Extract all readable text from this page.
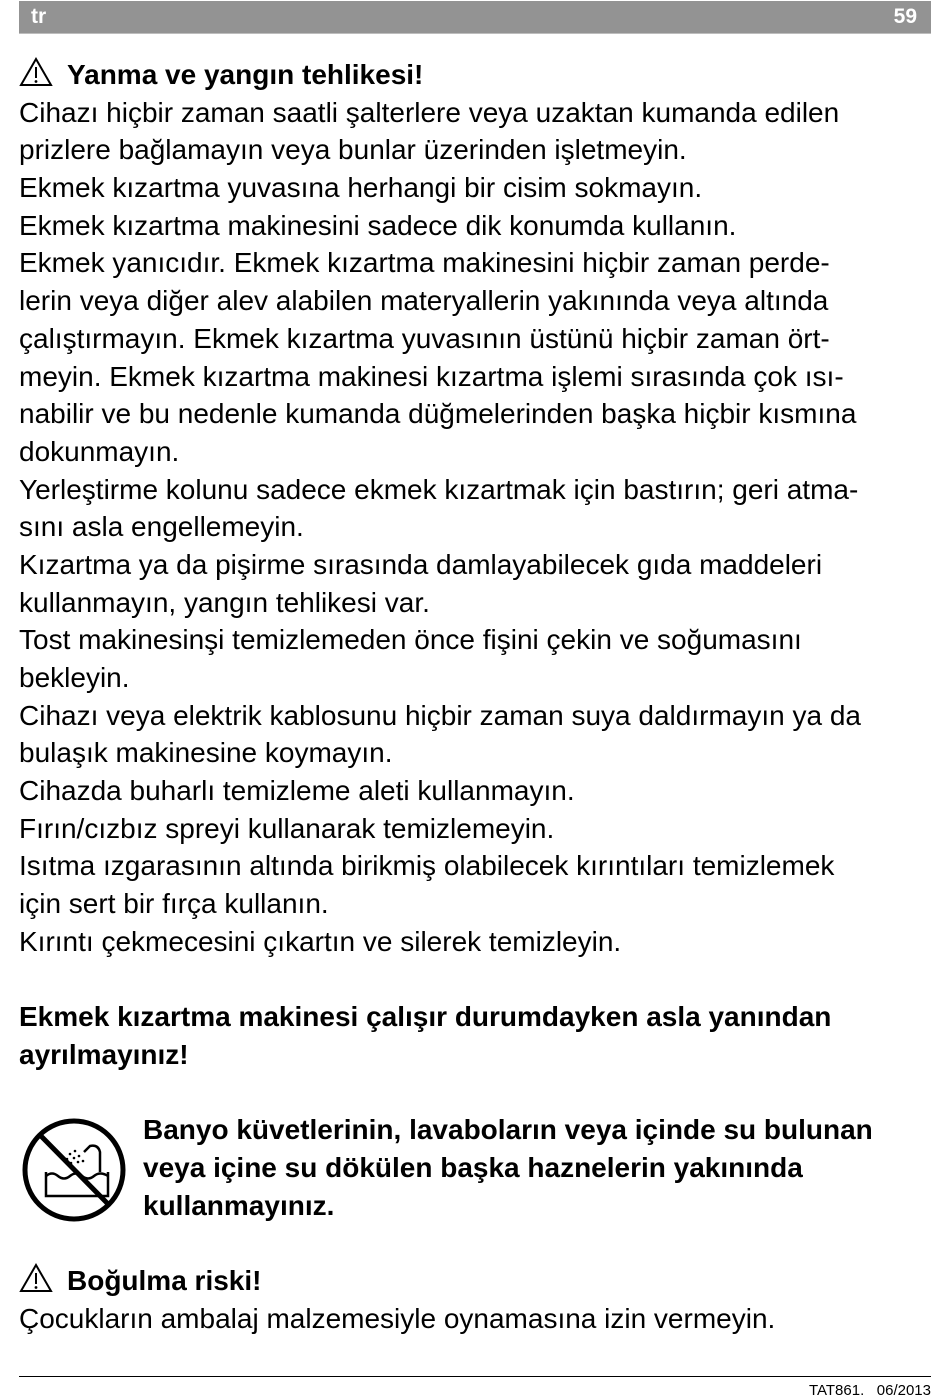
tr	59
Yanma ve yangın tehlikesi!
Cihazı hiçbir zaman saatli şalterlere veya uzaktan kumanda edilen
prizlere bağlamayın veya bunlar üzerinden işletmeyin.
Ekmek kızartma yuvasına herhangi bir cisim sokmayın.
Ekmek kızartma makinesini sadece dik konumda kullanın.
Ekmek yanıcıdır. Ekmek kızartma makinesini hiçbir zaman perde-
lerin veya diğer alev alabilen materyallerin yakınında veya altında
çalıştırmayın. Ekmek kızartma yuvasının üstünü hiçbir zaman ört-
meyin. Ekmek kızartma makinesi kızartma işlemi sırasında çok ısı-
nabilir ve bu nedenle kumanda düğmelerinden başka hiçbir kısmına
dokunmayın.
Yerleştirme kolunu sadece ekmek kızartmak için bastırın; geri atma-
sını asla engellemeyin.
Kızartma ya da pişirme sırasında damlayabilecek gıda maddeleri
kullanmayın, yangın tehlikesi var.
Tost makinesinşi temizlemeden önce fişini çekin ve soğumasını
bekleyin.
Cihazı veya elektrik kablosunu hiçbir zaman suya daldırmayın ya da
bulaşık makinesine koymayın.
Cihazda buharlı temizleme aleti kullanmayın.
Fırın/cızbız spreyi kullanarak temizlemeyin.
Isıtma ızgarasının altında birikmiş olabilecek kırıntıları temizlemek
için sert bir fırça kullanın.
Kırıntı çekmecesini çıkartın ve silerek temizleyin.
Ekmek kızartma makinesi çalışır durumdayken asla yanından
ayrılmayınız!
Banyo küvetlerinin, lavaboların veya içinde su bulunan
veya içine su dökülen başka haznelerin yakınında
kullanmayınız.
Boğulma riski!
Çocukların ambalaj malzemesiyle oynamasına izin vermeyin.
TAT861. 06/2013
